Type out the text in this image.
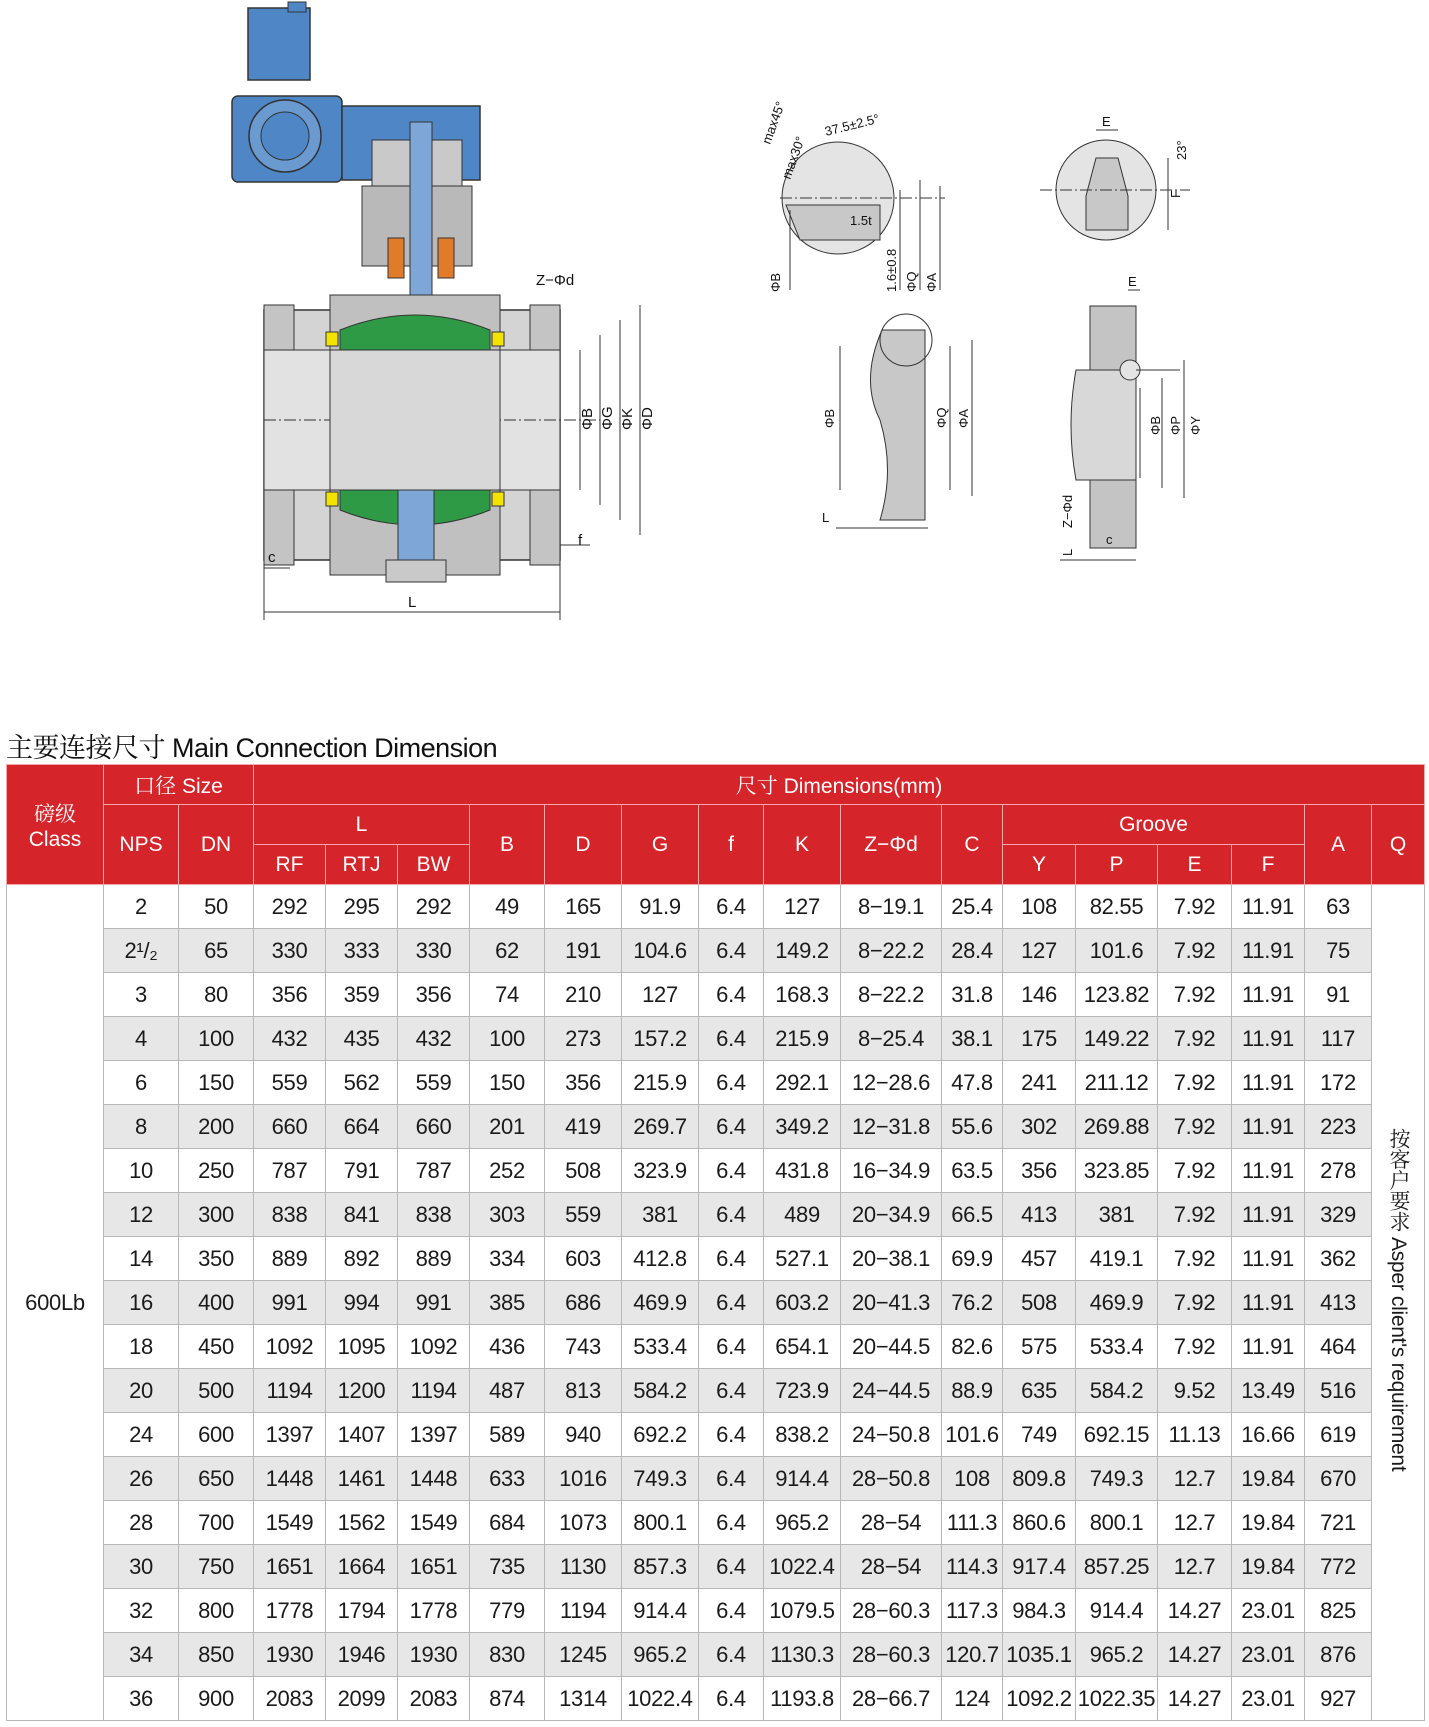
Z−Φd
ΦB ΦG ΦK ΦD
c
f
L
max45°
max30°
37.5±2.5°
1.5t
ΦB	1.6±0.8 ΦQ ΦA
ΦB	ΦQ ΦA
L
E
23°
F
E
ΦB ΦP ΦY
Z−Φd
L
c
主要连接尺寸 Main Connection Dimension
磅级
Class	口径 Size		尺寸 Dimensions(mm)															
	NPS	DN	L			B	D	G	f	K	Z−Φd	C	Groove				A	Q
			RF	RTJ	BW								Y	P	E	F		
600Lb	2	50	292	295	292	49	165	91.9	6.4	127	8−19.1	25.4	108	82.55	7.92	11.91	63	按客户要求 Asper client's requirement
	2¹/₂	65	330	333	330	62	191	104.6	6.4	149.2	8−22.2	28.4	127	101.6	7.92	11.91	75	
	3	80	356	359	356	74	210	127	6.4	168.3	8−22.2	31.8	146	123.82	7.92	11.91	91	
	4	100	432	435	432	100	273	157.2	6.4	215.9	8−25.4	38.1	175	149.22	7.92	11.91	117	
	6	150	559	562	559	150	356	215.9	6.4	292.1	12−28.6	47.8	241	211.12	7.92	11.91	172	
	8	200	660	664	660	201	419	269.7	6.4	349.2	12−31.8	55.6	302	269.88	7.92	11.91	223	
	10	250	787	791	787	252	508	323.9	6.4	431.8	16−34.9	63.5	356	323.85	7.92	11.91	278	
	12	300	838	841	838	303	559	381	6.4	489	20−34.9	66.5	413	381	7.92	11.91	329	
	14	350	889	892	889	334	603	412.8	6.4	527.1	20−38.1	69.9	457	419.1	7.92	11.91	362	
	16	400	991	994	991	385	686	469.9	6.4	603.2	20−41.3	76.2	508	469.9	7.92	11.91	413	
	18	450	1092	1095	1092	436	743	533.4	6.4	654.1	20−44.5	82.6	575	533.4	7.92	11.91	464	
	20	500	1194	1200	1194	487	813	584.2	6.4	723.9	24−44.5	88.9	635	584.2	9.52	13.49	516	
	24	600	1397	1407	1397	589	940	692.2	6.4	838.2	24−50.8	101.6	749	692.15	11.13	16.66	619	
	26	650	1448	1461	1448	633	1016	749.3	6.4	914.4	28−50.8	108	809.8	749.3	12.7	19.84	670	
	28	700	1549	1562	1549	684	1073	800.1	6.4	965.2	28−54	111.3	860.6	800.1	12.7	19.84	721	
	30	750	1651	1664	1651	735	1130	857.3	6.4	1022.4	28−54	114.3	917.4	857.25	12.7	19.84	772	
	32	800	1778	1794	1778	779	1194	914.4	6.4	1079.5	28−60.3	117.3	984.3	914.4	14.27	23.01	825	
	34	850	1930	1946	1930	830	1245	965.2	6.4	1130.3	28−60.3	120.7	1035.1	965.2	14.27	23.01	876	
	36	900	2083	2099	2083	874	1314	1022.4	6.4	1193.8	28−66.7	124	1092.2	1022.35	14.27	23.01	927	
